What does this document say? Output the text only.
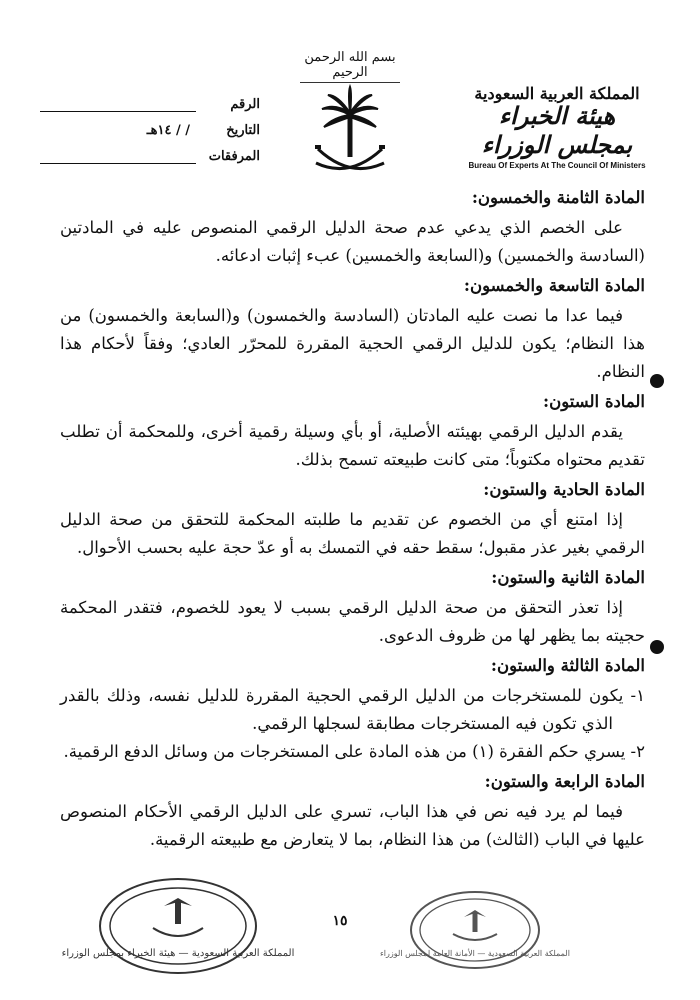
الرقم
التاريخ
/ / ١٤هـ
المرفقات
بسم الله الرحمن الرحيم
المملكة العربية السعودية
هيئة الخبراء بمجلس الوزراء
Bureau Of Experts At The Council Of Ministers
المادة الثامنة والخمسون:

على الخصم الذي يدعي عدم صحة الدليل الرقمي المنصوص عليه في المادتين (السادسة والخمسين) و(السابعة والخمسين) عبء إثبات ادعائه.

المادة التاسعة والخمسون:

فيما عدا ما نصت عليه المادتان (السادسة والخمسون) و(السابعة والخمسون) من هذا النظام؛ يكون للدليل الرقمي الحجية المقررة للمحرّر العادي؛ وفقاً لأحكام هذا النظام.

المادة الستون:

يقدم الدليل الرقمي بهيئته الأصلية، أو بأي وسيلة رقمية أخرى، وللمحكمة أن تطلب تقديم محتواه مكتوباً؛ متى كانت طبيعته تسمح بذلك.

المادة الحادية والستون:

إذا امتنع أي من الخصوم عن تقديم ما طلبته المحكمة للتحقق من صحة الدليل الرقمي بغير عذر مقبول؛ سقط حقه في التمسك به أو عدّ حجة عليه بحسب الأحوال.

المادة الثانية والستون:

إذا تعذر التحقق من صحة الدليل الرقمي بسبب لا يعود للخصوم، فتقدر المحكمة حجيته بما يظهر لها من ظروف الدعوى.

المادة الثالثة والستون:

١- يكون للمستخرجات من الدليل الرقمي الحجية المقررة للدليل نفسه، وذلك بالقدر الذي تكون فيه المستخرجات مطابقة لسجلها الرقمي.

٢- يسري حكم الفقرة (١) من هذه المادة على المستخرجات من وسائل الدفع الرقمية.

المادة الرابعة والستون:

فيما لم يرد فيه نص في هذا الباب، تسري على الدليل الرقمي الأحكام المنصوص عليها في الباب (الثالث) من هذا النظام، بما لا يتعارض مع طبيعته الرقمية.

١٥
المملكة العربية السعودية — هيئة الخبراء بمجلس الوزراء	المملكة العربية السعودية — الأمانة العامة لمجلس الوزراء
